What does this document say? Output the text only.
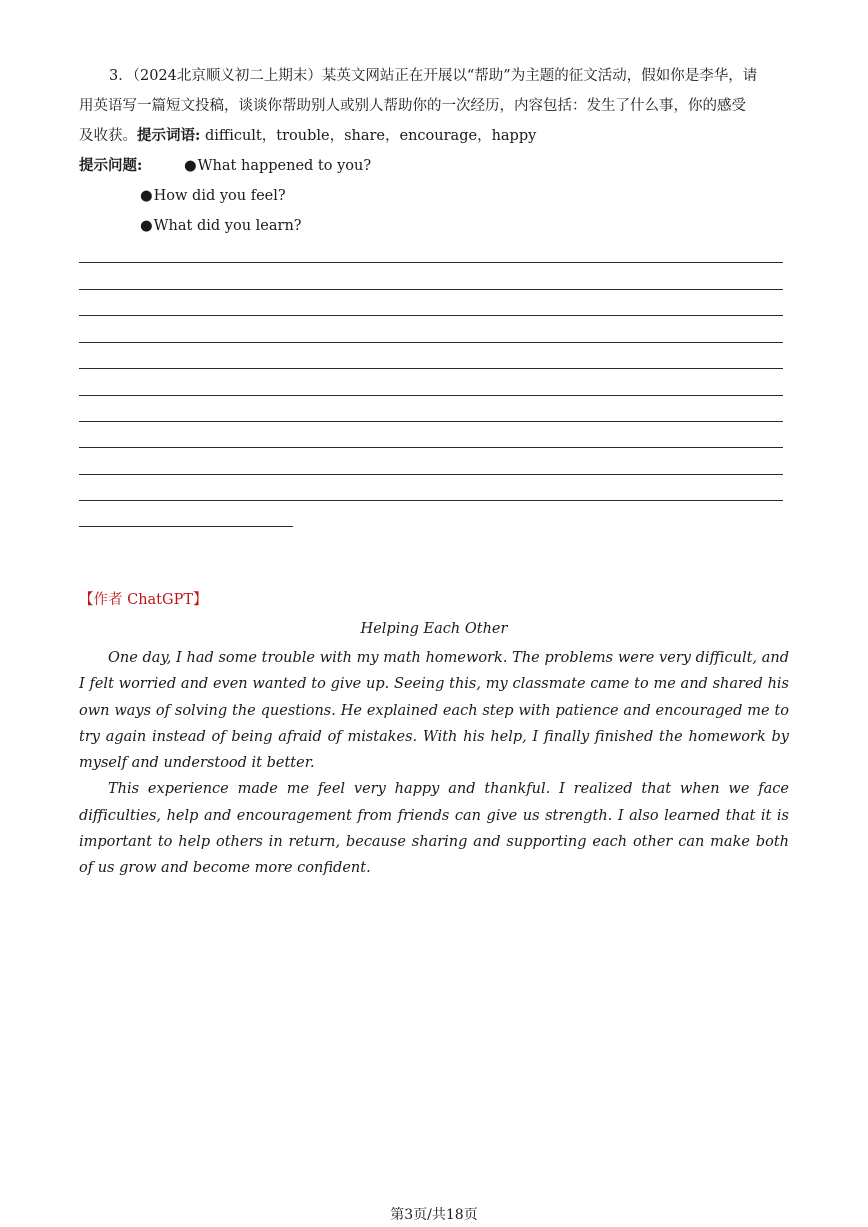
3．（2024北京顺义初二上期末）某英文网站正在开展以“帮助”为主题的征文活动，假如你是李华，请
用英语写一篇短文投稿，谈谈你帮助别人或别人帮助你的一次经历，内容包括：发生了什么事，你的感受
及收获。提示词语: difficult，trouble，share，encourage，happy
提示问题:	●What happened to you?
●How did you feel?
●What did you learn?
【作者 ChatGPT】
Helping Each Other

One day, I had some trouble with my math homework. The problems were very difficult, and I felt worried and even wanted to give up. Seeing this, my classmate came to me and shared his own ways of solving the questions. He explained each step with patience and encouraged me to try again instead of being afraid of mistakes. With his help, I finally finished the homework by myself and understood it better.

This experience made me feel very happy and thankful. I realized that when we face difficulties, help and encouragement from friends can give us strength. I also learned that it is important to help others in return, because sharing and supporting each other can make both of us grow and become more confident.

第3页/共18页
